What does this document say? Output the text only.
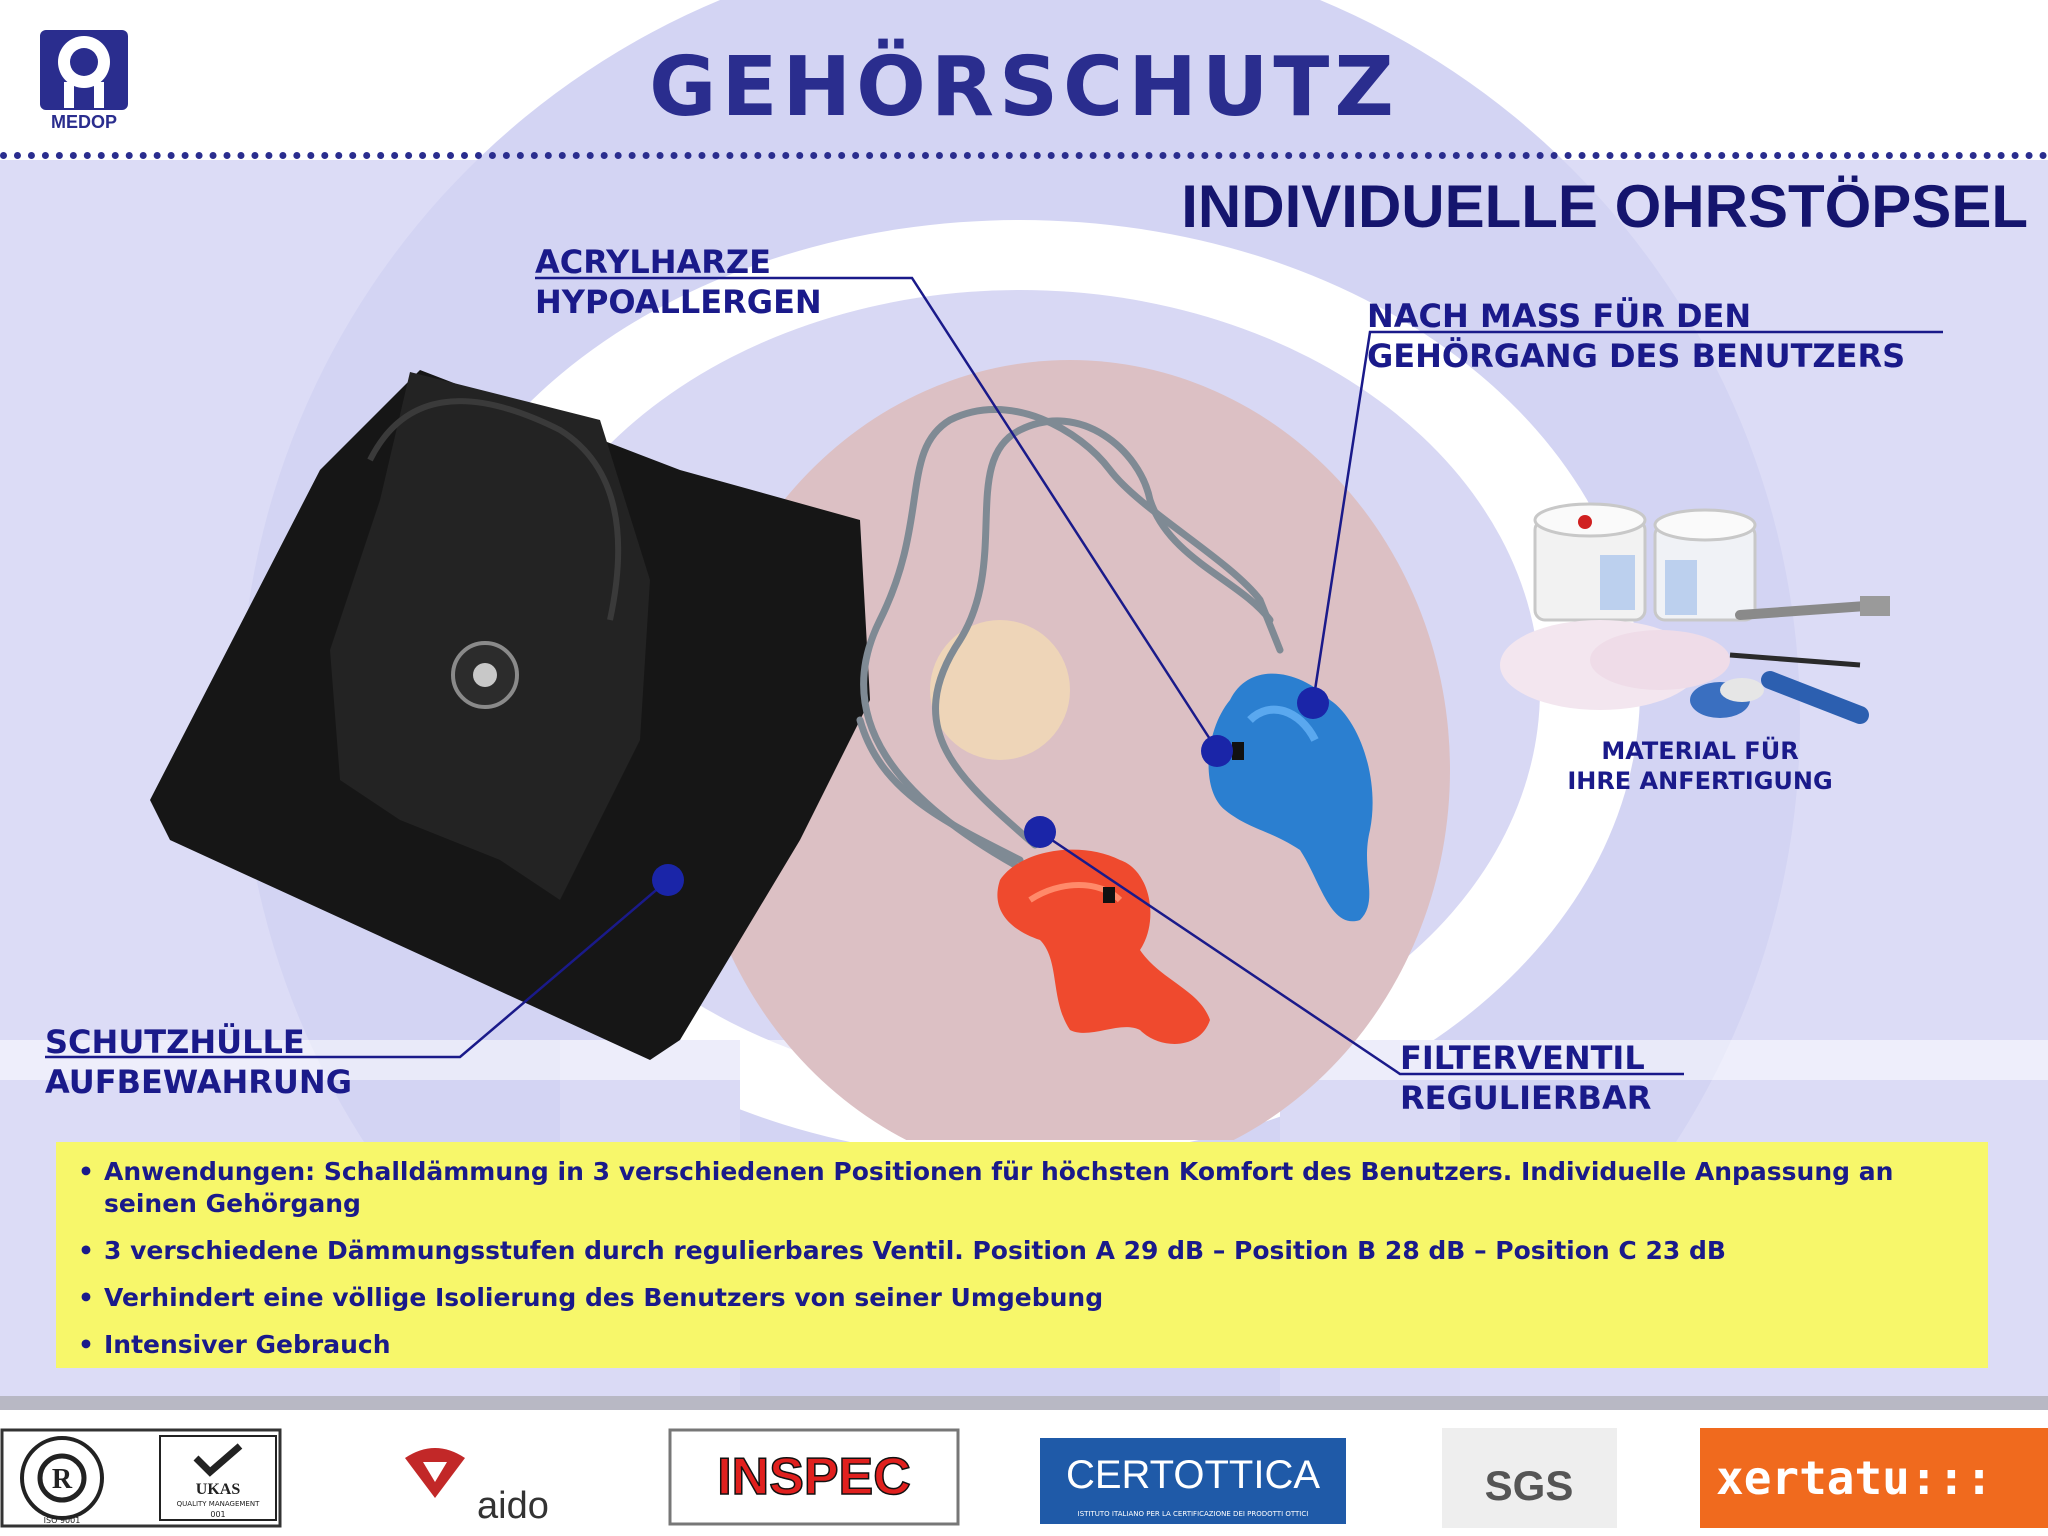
MEDOP	GEHÖRSCHUTZ
INDIVIDUELLE OHRSTÖPSEL
ACRYLHARZE
HYPOALLERGEN	NACH MASS FÜR DEN
GEHÖRGANG DES BENUTZERS
MATERIAL FÜR
IHRE ANFERTIGUNG
SCHUTZHÜLLE
AUFBEWAHRUNG
FILTERVENTIL
REGULIERBAR
• Anwendungen: Schalldämmung in 3 verschiedenen Positionen für höchsten Komfort des Benutzers. Individuelle Anpassung an seinen Gehörgang
• 3 verschiedene Dämmungsstufen durch regulierbares Ventil. Position A 29 dB – Position B 28 dB – Position C 23 dB
• Verhindert eine völlige Isolierung des Benutzers von seiner Umgebung
• Intensiver Gebrauch
R
ISO 9001
UKAS
QUALITY MANAGEMENT
001	aido	INSPEC	CERTOTTICA
ISTITUTO ITALIANO PER LA CERTIFICAZIONE DEI PRODOTTI OTTICI
SGS	xertatu:::
